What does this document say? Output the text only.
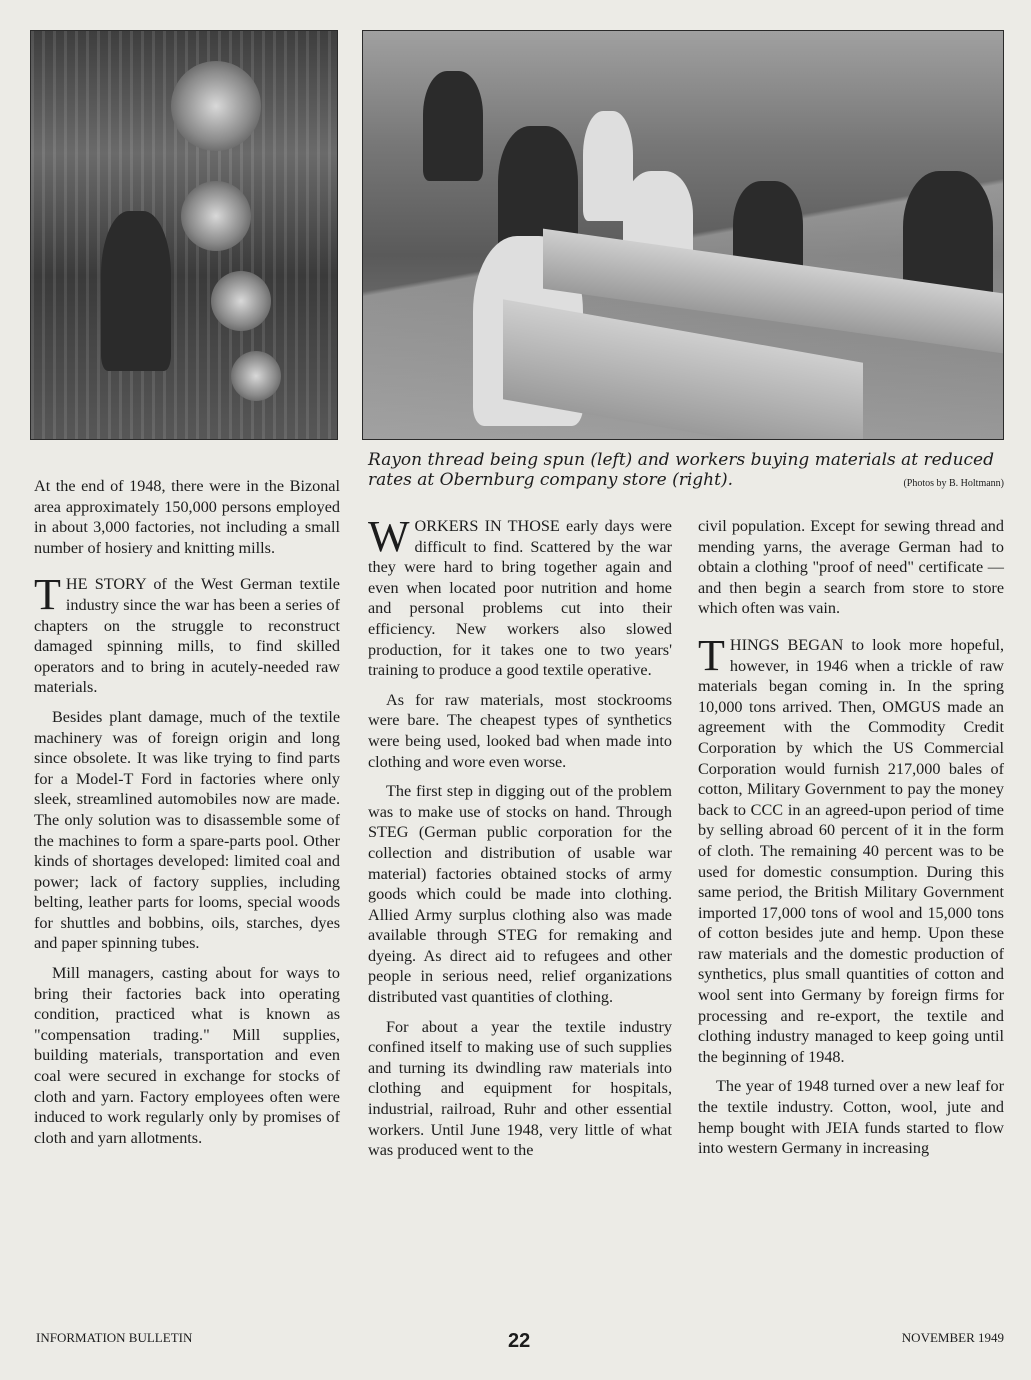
Rayon thread being spun (left) and workers buying materials at reduced rates at Obernburg company store (right).	(Photos by B. Holtmann)

At the end of 1948, there were in the Bizonal area approximately 150,000 persons employed in about 3,000 factories, not including a small number of hosiery and knitting mills.

THE STORY of the West German textile industry since the war has been a series of chapters on the struggle to reconstruct damaged spinning mills, to find skilled operators and to bring in acutely-needed raw materials.

Besides plant damage, much of the textile machinery was of foreign origin and long since obsolete. It was like trying to find parts for a Model-T Ford in factories where only sleek, streamlined automobiles now are made. The only solution was to disassemble some of the machines to form a spare-parts pool. Other kinds of shortages developed: limited coal and power; lack of factory supplies, including belting, leather parts for looms, special woods for shuttles and bobbins, oils, starches, dyes and paper spinning tubes.

Mill managers, casting about for ways to bring their factories back into operating condition, practiced what is known as "compensation trading." Mill supplies, building materials, transportation and even coal were secured in exchange for stocks of cloth and yarn. Factory employees often were induced to work regularly only by promises of cloth and yarn allotments.

WORKERS IN THOSE early days were difficult to find. Scattered by the war they were hard to bring together again and even when located poor nutrition and home and personal problems cut into their efficiency. New workers also slowed production, for it takes one to two years' training to produce a good textile operative.

As for raw materials, most stockrooms were bare. The cheapest types of synthetics were being used, looked bad when made into clothing and wore even worse.

The first step in digging out of the problem was to make use of stocks on hand. Through STEG (German public corporation for the collection and distribution of usable war material) factories obtained stocks of army goods which could be made into clothing. Allied Army surplus clothing also was made available through STEG for remaking and dyeing. As direct aid to refugees and other people in serious need, relief organizations distributed vast quantities of clothing.

For about a year the textile industry confined itself to making use of such supplies and turning its dwindling raw materials into clothing and equipment for hospitals, industrial, railroad, Ruhr and other essential workers. Until June 1948, very little of what was produced went to the

civil population. Except for sewing thread and mending yarns, the average German had to obtain a clothing "proof of need" certificate — and then begin a search from store to store which often was vain.

THINGS BEGAN to look more hopeful, however, in 1946 when a trickle of raw materials began coming in. In the spring 10,000 tons arrived. Then, OMGUS made an agreement with the Commodity Credit Corporation by which the US Commercial Corporation would furnish 217,000 bales of cotton, Military Government to pay the money back to CCC in an agreed-upon period of time by selling abroad 60 percent of it in the form of cloth. The remaining 40 percent was to be used for domestic consumption. During this same period, the British Military Government imported 17,000 tons of wool and 15,000 tons of cotton besides jute and hemp. Upon these raw materials and the domestic production of synthetics, plus small quantities of cotton and wool sent into Germany by foreign firms for processing and re-export, the textile and clothing industry managed to keep going until the beginning of 1948.

The year of 1948 turned over a new leaf for the textile industry. Cotton, wool, jute and hemp bought with JEIA funds started to flow into western Germany in increasing

INFORMATION BULLETIN	22	NOVEMBER 1949
